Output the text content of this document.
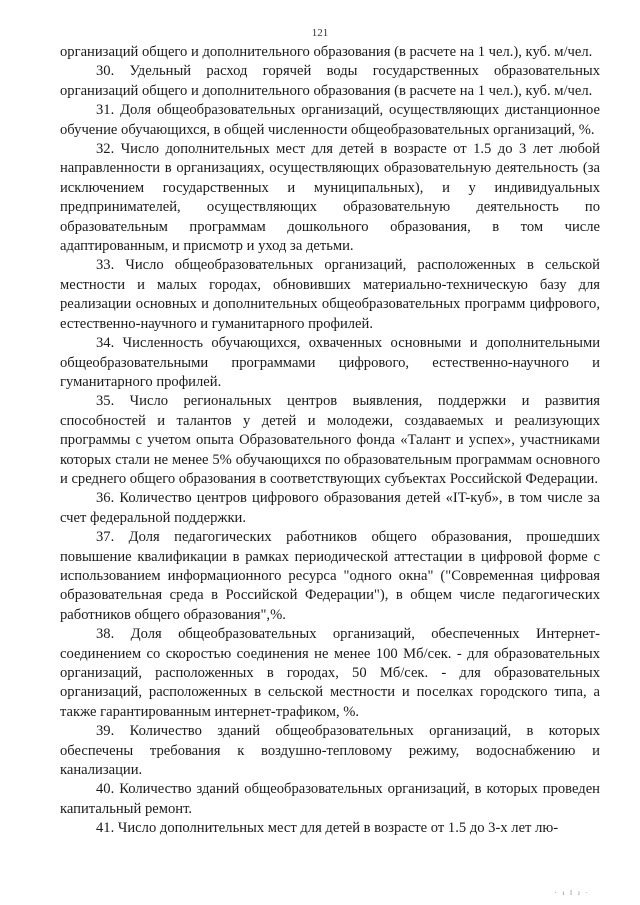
121

организаций общего и дополнительного образования (в расчете на 1 чел.), куб. м/чел.

30. Удельный расход горячей воды государственных образовательных организаций общего и дополнительного образования (в расчете на 1 чел.), куб. м/чел.

31. Доля общеобразовательных организаций, осуществляющих дистанционное обучение обучающихся, в общей численности общеобразовательных организаций, %.

32. Число дополнительных мест для детей в возрасте от 1.5 до 3 лет любой направленности в организациях, осуществляющих образовательную деятельность (за исключением государственных и муниципальных), и у индивидуальных предпринимателей, осуществляющих образовательную деятельность по образовательным программам дошкольного образования, в том числе адаптированным, и присмотр и уход за детьми.

33. Число общеобразовательных организаций, расположенных в сельской местности и малых городах, обновивших материально-техническую базу для реализации основных и дополнительных общеобразовательных программ цифрового, естественно-научного и гуманитарного профилей.

34. Численность обучающихся, охваченных основными и дополнительными общеобразовательными программами цифрового, естественно-научного и гуманитарного профилей.

35. Число региональных центров выявления, поддержки и развития способностей и талантов у детей и молодежи, создаваемых и реализующих программы с учетом опыта Образовательного фонда «Талант и успех», участниками которых стали не менее 5% обучающихся по образовательным программам основного и среднего общего образования в соответствующих субъектах Российской Федерации.

36. Количество центров цифрового образования детей «IT-куб», в том числе за счет федеральной поддержки.

37. Доля педагогических работников общего образования, прошедших повышение квалификации в рамках периодической аттестации в цифровой форме с использованием информационного ресурса "одного окна" ("Современная цифровая образовательная среда в Российской Федерации"), в общем числе педагогических работников общего образования",%.

38. Доля общеобразовательных организаций, обеспеченных Интернет-соединением со скоростью соединения не менее 100 Мб/сек. - для образовательных организаций, расположенных в городах, 50 Мб/сек. - для образовательных организаций, расположенных в сельской местности и поселках городского типа, а также гарантированным интернет-трафиком, %.

39. Количество зданий общеобразовательных организаций, в которых обеспечены требования к воздушно-тепловому режиму, водоснабжению и канализации.

40. Количество зданий общеобразовательных организаций, в которых проведен капитальный ремонт.

41. Число дополнительных мест для детей в возрасте от 1.5 до 3-х лет лю-

· ı ‖ ı ·
